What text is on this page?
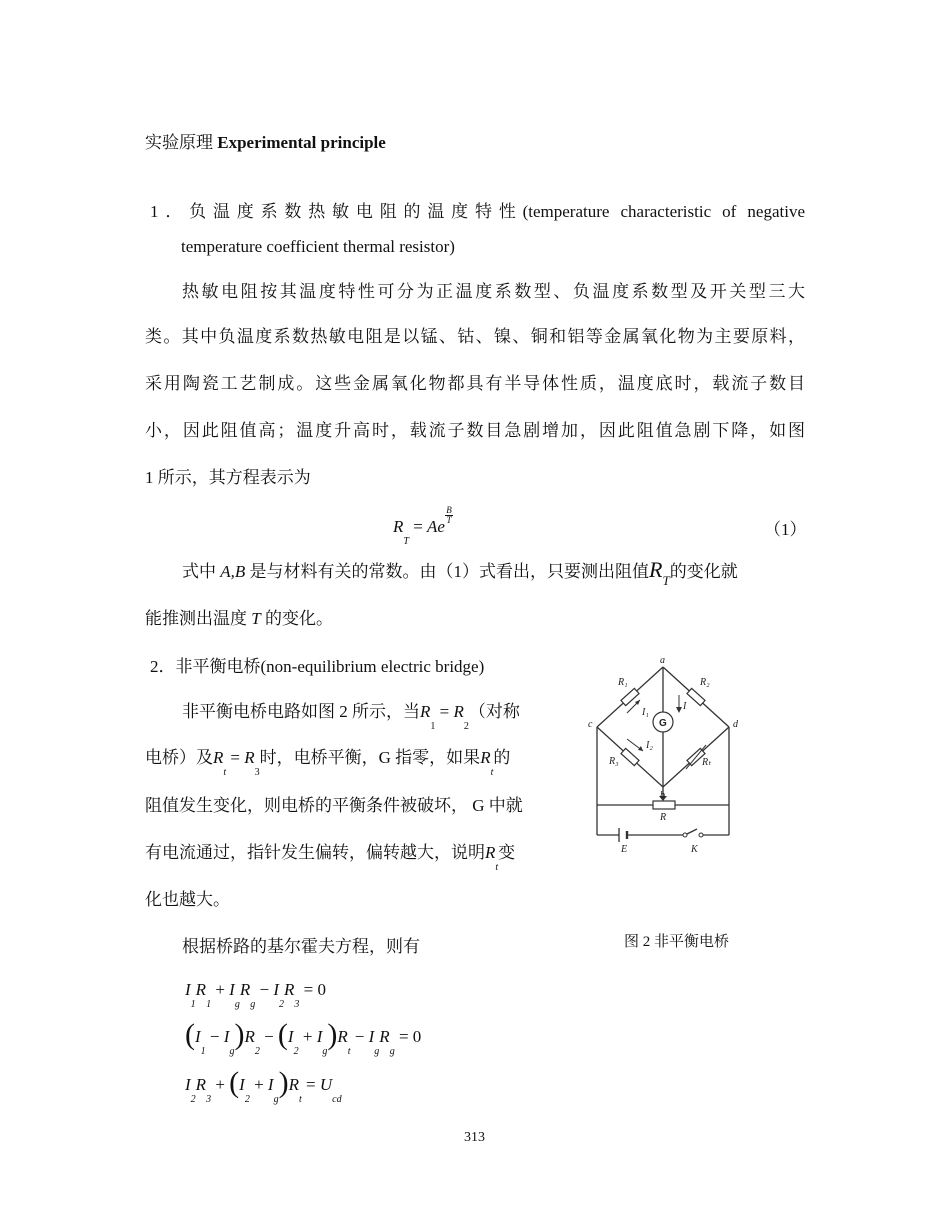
实验原理 Experimental principle
1．负温度系数热敏电阻的温度特性(temperature characteristic of negative
temperature coefficient thermal resistor)
热敏电阻按其温度特性可分为正温度系数型、负温度系数型及开关型三大
类。其中负温度系数热敏电阻是以锰、钴、镍、铜和铝等金属氧化物为主要原料，
采用陶瓷工艺制成。这些金属氧化物都具有半导体性质，温度底时，载流子数目
小，因此阻值高；温度升高时，载流子数目急剧增加，因此阻值急剧下降，如图
1 所示，其方程表示为
$R_T = Ae$
$\frac{B}{T}$
（1）
式中 A,B 是与材料有关的常数。由（1）式看出，只要测出阻值$R_T$的变化就
能推测出温度 T 的变化。
2．非平衡电桥(non-equilibrium electric bridge)
非平衡电桥电路如图 2 所示，当$R_1 = R_2$（对称
电桥）及$R_t = R_3$时，电桥平衡，G 指零，如果$R_t$的
阻值发生变化，则电桥的平衡条件被破坏， G 中就
有电流通过，指针发生偏转，偏转越大，说明$R_t$变
化也越大。
根据桥路的基尔霍夫方程，则有
a
b
c	d
R₁	R₂
R₃	Rₜ
R
E	K
I₁
I₂
I
G
图 2 非平衡电桥
$I_1R_1 + I_gR_g - I_2R_3 = 0$
$(I_1 - I_g)R_2 - (I_2 + I_g)R_t - I_gR_g = 0$
$I_2R_3 + (I_2 + I_g)R_t = U_{cd}$
313
